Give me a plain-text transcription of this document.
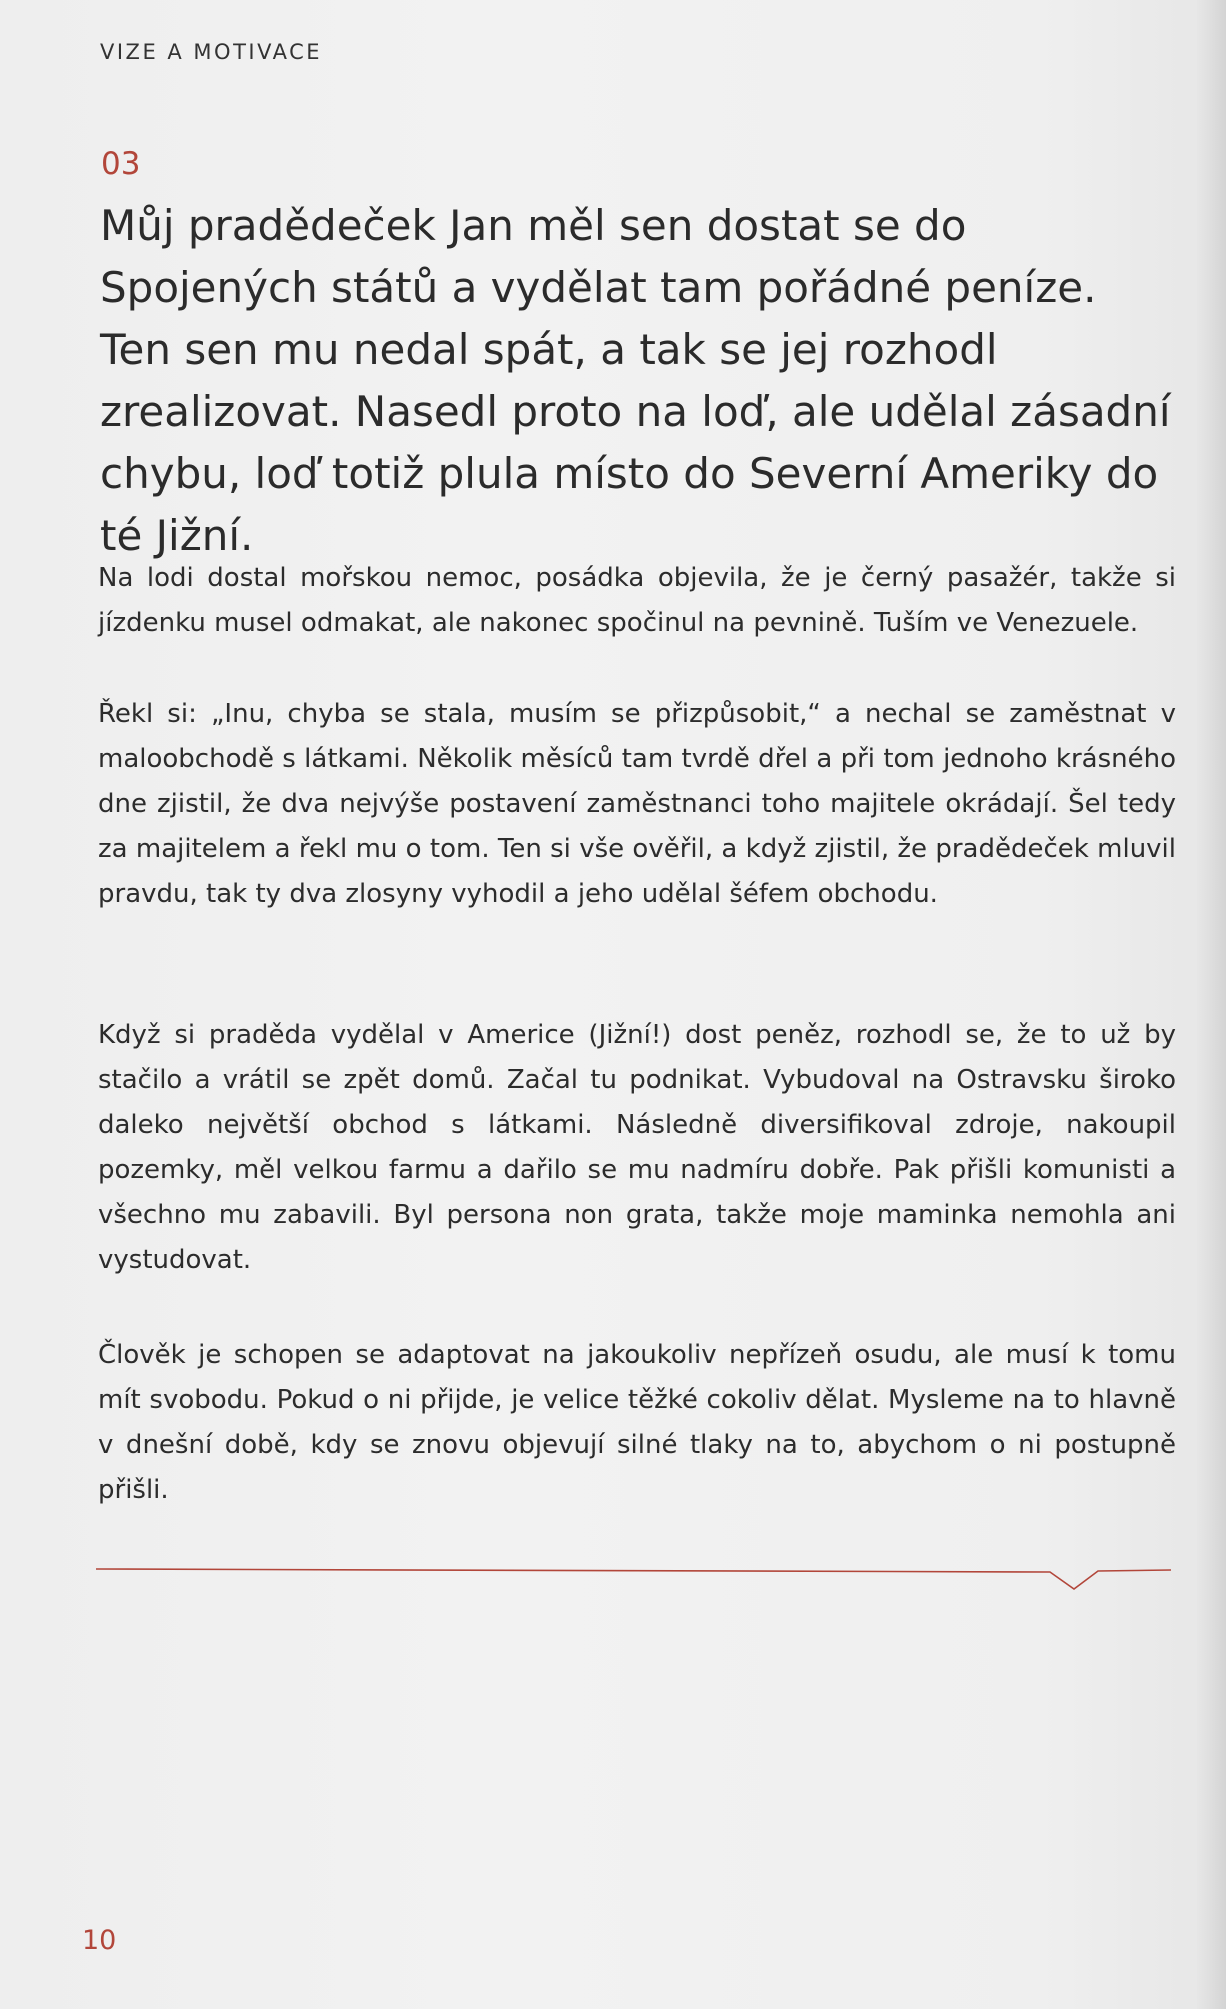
VIZE A MOTIVACE
03
Můj pradědeček Jan měl sen dostat se do Spojených států a vydělat tam pořádné peníze. Ten sen mu nedal spát, a tak se jej rozhodl zrealizovat. Nasedl proto na loď, ale udělal zásadní chybu, loď totiž plula místo do Severní Ameriky do té Jižní.
Na lodi dostal mořskou nemoc, posádka objevila, že je černý pasažér, takže si jízdenku musel odmakat, ale nakonec spočinul na pevnině. Tuším ve Venezuele.
Řekl si: „Inu, chyba se stala, musím se přizpůsobit,“ a nechal se zaměstnat v maloobchodě s látkami. Několik měsíců tam tvrdě dřel a při tom jednoho krásného dne zjistil, že dva nejvýše postavení zaměstnanci toho majitele okrádají. Šel tedy za majitelem a řekl mu o tom. Ten si vše ověřil, a když zjistil, že pradědeček mluvil pravdu, tak ty dva zlosyny vyhodil a jeho udělal šéfem obchodu.
Když si praděda vydělal v Americe (Jižní!) dost peněz, rozhodl se, že to už by stačilo a vrátil se zpět domů. Začal tu podnikat. Vybudoval na Ostravsku široko daleko největší obchod s látkami. Následně diversifikoval zdroje, nakoupil pozemky, měl velkou farmu a dařilo se mu nadmíru dobře. Pak přišli komunisti a všechno mu zabavili. Byl persona non grata, takže moje maminka nemohla ani vystudovat.
Člověk je schopen se adaptovat na jakoukoliv nepřízeň osudu, ale musí k tomu mít svobodu. Pokud o ni přijde, je velice těžké cokoliv dělat. Mysleme na to hlavně v dnešní době, kdy se znovu objevují silné tlaky na to, abychom o ni postupně přišli.
10
